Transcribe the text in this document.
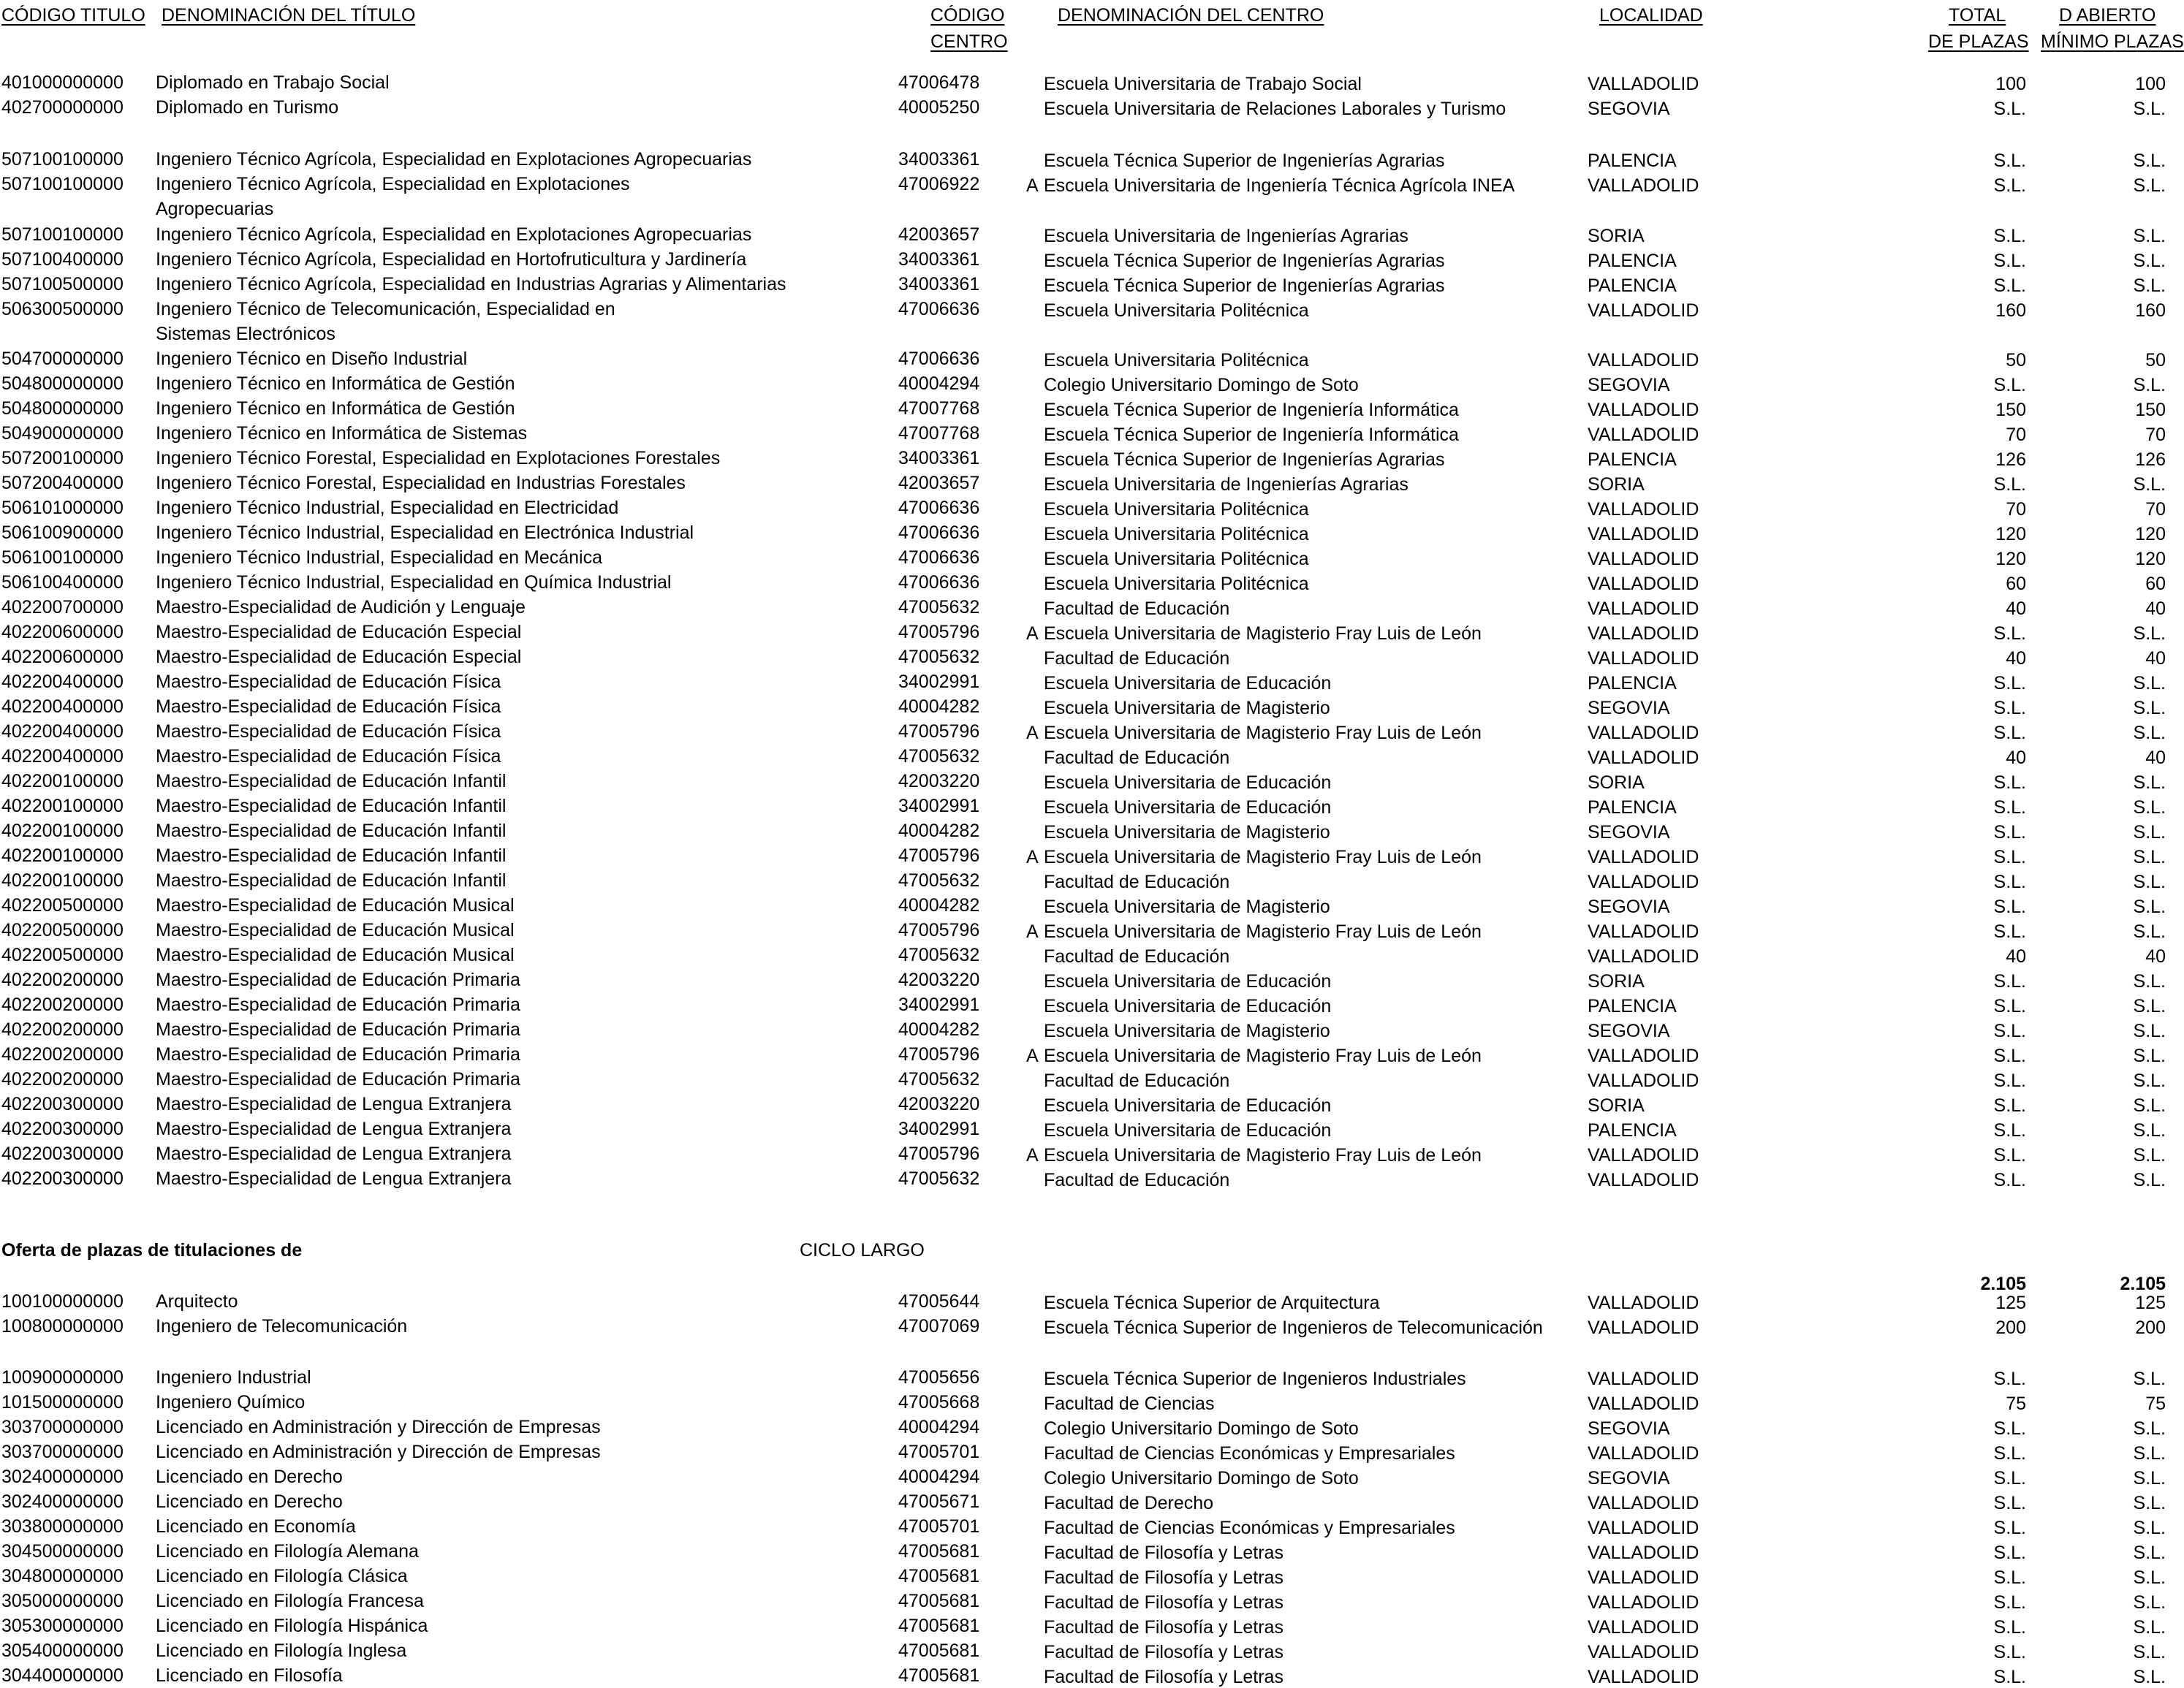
CÓDIGO TITULO DENOMINACIÓN DEL TÍTULO	CÓDIGO
CENTRO
DENOMINACIÓN DEL CENTRO	LOCALIDAD	TOTAL
DE PLAZAS
D ABIERTO
MÍNIMO PLAZAS
401000000000 Diplomado en Trabajo Social	47006478	Escuela Universitaria de Trabajo Social	VALLADOLID	100	100
402700000000 Diplomado en Turismo	40005250	Escuela Universitaria de Relaciones Laborales y Turismo	SEGOVIA	S.L.	S.L.
507100100000 Ingeniero Técnico Agrícola, Especialidad en Explotaciones Agropecuarias	34003361	Escuela Técnica Superior de Ingenierías Agrarias	PALENCIA	S.L.	S.L.
507100100000 Ingeniero Técnico Agrícola, Especialidad en Explotaciones	47006922	A Escuela Universitaria de Ingeniería Técnica Agrícola INEA	VALLADOLID	S.L.	S.L.
Agropecuarias
507100100000 Ingeniero Técnico Agrícola, Especialidad en Explotaciones Agropecuarias	42003657	Escuela Universitaria de Ingenierías Agrarias	SORIA	S.L.	S.L.
507100400000 Ingeniero Técnico Agrícola, Especialidad en Hortofruticultura y Jardinería	34003361	Escuela Técnica Superior de Ingenierías Agrarias	PALENCIA	S.L.	S.L.
507100500000 Ingeniero Técnico Agrícola, Especialidad en Industrias Agrarias y Alimentarias	34003361	Escuela Técnica Superior de Ingenierías Agrarias	PALENCIA	S.L.	S.L.
506300500000 Ingeniero Técnico de Telecomunicación, Especialidad en	47006636	Escuela Universitaria Politécnica	VALLADOLID	160	160
Sistemas Electrónicos
504700000000 Ingeniero Técnico en Diseño Industrial	47006636	Escuela Universitaria Politécnica	VALLADOLID	50	50
504800000000 Ingeniero Técnico en Informática de Gestión	40004294	Colegio Universitario Domingo de Soto	SEGOVIA	S.L.	S.L.
504800000000 Ingeniero Técnico en Informática de Gestión	47007768	Escuela Técnica Superior de Ingeniería Informática	VALLADOLID	150	150
504900000000 Ingeniero Técnico en Informática de Sistemas	47007768	Escuela Técnica Superior de Ingeniería Informática	VALLADOLID	70	70
507200100000 Ingeniero Técnico Forestal, Especialidad en Explotaciones Forestales	34003361	Escuela Técnica Superior de Ingenierías Agrarias	PALENCIA	126	126
507200400000 Ingeniero Técnico Forestal, Especialidad en Industrias Forestales	42003657	Escuela Universitaria de Ingenierías Agrarias	SORIA	S.L.	S.L.
506101000000 Ingeniero Técnico Industrial, Especialidad en Electricidad	47006636	Escuela Universitaria Politécnica	VALLADOLID	70	70
506100900000 Ingeniero Técnico Industrial, Especialidad en Electrónica Industrial	47006636	Escuela Universitaria Politécnica	VALLADOLID	120	120
506100100000 Ingeniero Técnico Industrial, Especialidad en Mecánica	47006636	Escuela Universitaria Politécnica	VALLADOLID	120	120
506100400000 Ingeniero Técnico Industrial, Especialidad en Química Industrial	47006636	Escuela Universitaria Politécnica	VALLADOLID	60	60
402200700000 Maestro-Especialidad de Audición y Lenguaje	47005632	Facultad de Educación	VALLADOLID	40	40
402200600000 Maestro-Especialidad de Educación Especial	47005796	A Escuela Universitaria de Magisterio Fray Luis de León	VALLADOLID	S.L.	S.L.
402200600000 Maestro-Especialidad de Educación Especial	47005632	Facultad de Educación	VALLADOLID	40	40
402200400000 Maestro-Especialidad de Educación Física	34002991	Escuela Universitaria de Educación	PALENCIA	S.L.	S.L.
402200400000 Maestro-Especialidad de Educación Física	40004282	Escuela Universitaria de Magisterio	SEGOVIA	S.L.	S.L.
402200400000 Maestro-Especialidad de Educación Física	47005796	A Escuela Universitaria de Magisterio Fray Luis de León	VALLADOLID	S.L.	S.L.
402200400000 Maestro-Especialidad de Educación Física	47005632	Facultad de Educación	VALLADOLID	40	40
402200100000 Maestro-Especialidad de Educación Infantil	42003220	Escuela Universitaria de Educación	SORIA	S.L.	S.L.
402200100000 Maestro-Especialidad de Educación Infantil	34002991	Escuela Universitaria de Educación	PALENCIA	S.L.	S.L.
402200100000 Maestro-Especialidad de Educación Infantil	40004282	Escuela Universitaria de Magisterio	SEGOVIA	S.L.	S.L.
402200100000 Maestro-Especialidad de Educación Infantil	47005796	A Escuela Universitaria de Magisterio Fray Luis de León	VALLADOLID	S.L.	S.L.
402200100000 Maestro-Especialidad de Educación Infantil	47005632	Facultad de Educación	VALLADOLID	S.L.	S.L.
402200500000 Maestro-Especialidad de Educación Musical	40004282	Escuela Universitaria de Magisterio	SEGOVIA	S.L.	S.L.
402200500000 Maestro-Especialidad de Educación Musical	47005796	A Escuela Universitaria de Magisterio Fray Luis de León	VALLADOLID	S.L.	S.L.
402200500000 Maestro-Especialidad de Educación Musical	47005632	Facultad de Educación	VALLADOLID	40	40
402200200000 Maestro-Especialidad de Educación Primaria	42003220	Escuela Universitaria de Educación	SORIA	S.L.	S.L.
402200200000 Maestro-Especialidad de Educación Primaria	34002991	Escuela Universitaria de Educación	PALENCIA	S.L.	S.L.
402200200000 Maestro-Especialidad de Educación Primaria	40004282	Escuela Universitaria de Magisterio	SEGOVIA	S.L.	S.L.
402200200000 Maestro-Especialidad de Educación Primaria	47005796	A Escuela Universitaria de Magisterio Fray Luis de León	VALLADOLID	S.L.	S.L.
402200200000 Maestro-Especialidad de Educación Primaria	47005632	Facultad de Educación	VALLADOLID	S.L.	S.L.
402200300000 Maestro-Especialidad de Lengua Extranjera	42003220	Escuela Universitaria de Educación	SORIA	S.L.	S.L.
402200300000 Maestro-Especialidad de Lengua Extranjera	34002991	Escuela Universitaria de Educación	PALENCIA	S.L.	S.L.
402200300000 Maestro-Especialidad de Lengua Extranjera	47005796	A Escuela Universitaria de Magisterio Fray Luis de León	VALLADOLID	S.L.	S.L.
402200300000 Maestro-Especialidad de Lengua Extranjera	47005632	Facultad de Educación	VALLADOLID	S.L.	S.L.
Oferta de plazas de titulaciones de	CICLO LARGO
2.105	2.105
100100000000 Arquitecto	47005644	Escuela Técnica Superior de Arquitectura	VALLADOLID	125	125
100800000000 Ingeniero de Telecomunicación	47007069	Escuela Técnica Superior de Ingenieros de Telecomunicación VALLADOLID	200	200
100900000000 Ingeniero Industrial	47005656	Escuela Técnica Superior de Ingenieros Industriales	VALLADOLID	S.L.	S.L.
101500000000 Ingeniero Químico	47005668	Facultad de Ciencias	VALLADOLID	75	75
303700000000 Licenciado en Administración y Dirección de Empresas	40004294	Colegio Universitario Domingo de Soto	SEGOVIA	S.L.	S.L.
303700000000 Licenciado en Administración y Dirección de Empresas	47005701	Facultad de Ciencias Económicas y Empresariales	VALLADOLID	S.L.	S.L.
302400000000 Licenciado en Derecho	40004294	Colegio Universitario Domingo de Soto	SEGOVIA	S.L.	S.L.
302400000000 Licenciado en Derecho	47005671	Facultad de Derecho	VALLADOLID	S.L.	S.L.
303800000000 Licenciado en Economía	47005701	Facultad de Ciencias Económicas y Empresariales	VALLADOLID	S.L.	S.L.
304500000000 Licenciado en Filología Alemana	47005681	Facultad de Filosofía y Letras	VALLADOLID	S.L.	S.L.
304800000000 Licenciado en Filología Clásica	47005681	Facultad de Filosofía y Letras	VALLADOLID	S.L.	S.L.
305000000000 Licenciado en Filología Francesa	47005681	Facultad de Filosofía y Letras	VALLADOLID	S.L.	S.L.
305300000000 Licenciado en Filología Hispánica	47005681	Facultad de Filosofía y Letras	VALLADOLID	S.L.	S.L.
305400000000 Licenciado en Filología Inglesa	47005681	Facultad de Filosofía y Letras	VALLADOLID	S.L.	S.L.
304400000000 Licenciado en Filosofía	47005681	Facultad de Filosofía y Letras	VALLADOLID	S.L.	S.L.
